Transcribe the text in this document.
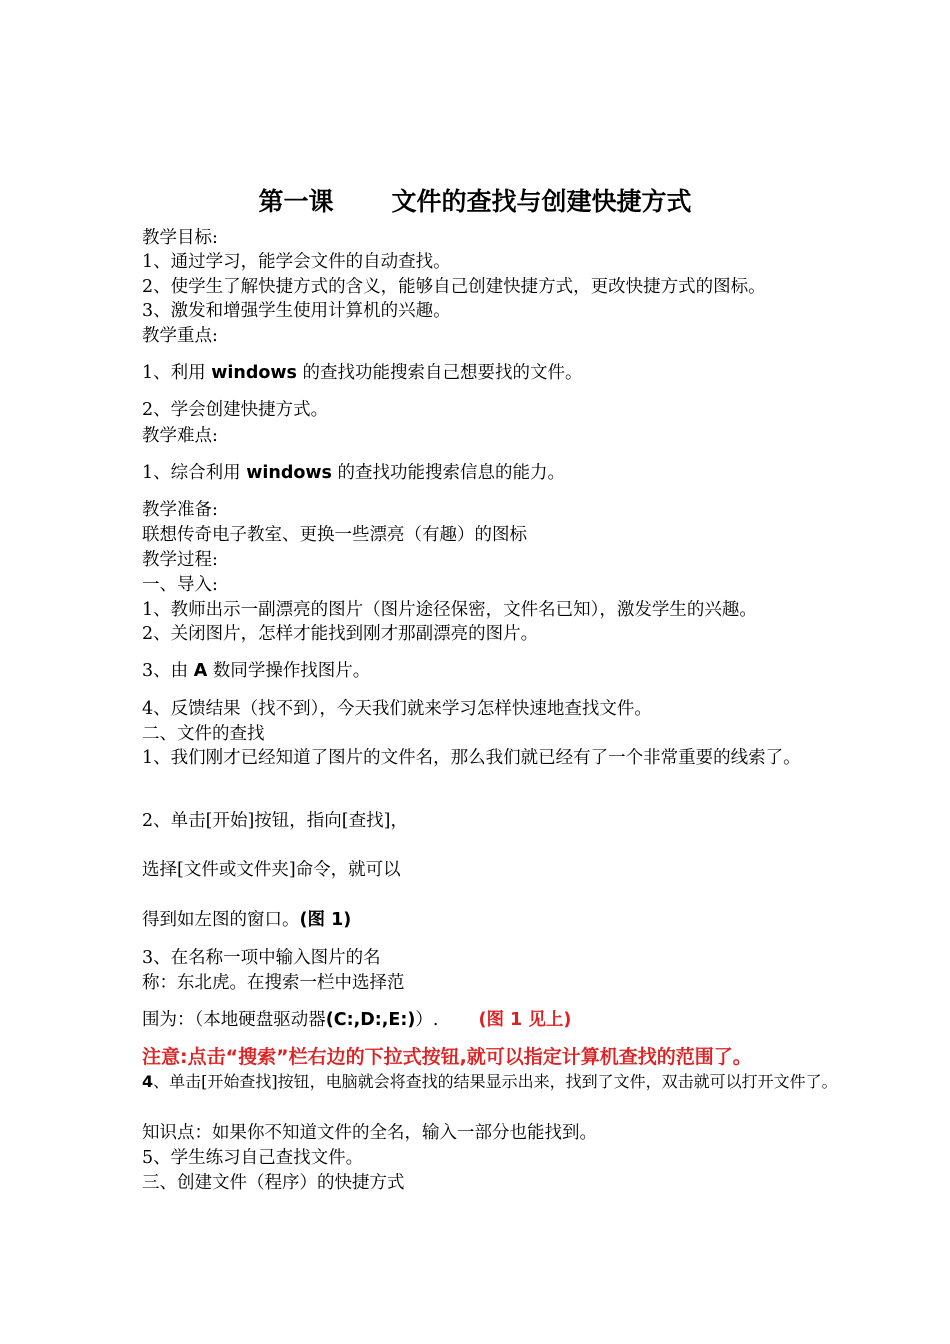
第一课 文件的查找与创建快捷方式
教学目标:
1、通过学习，能学会文件的自动查找。
2、使学生了解快捷方式的含义，能够自己创建快捷方式，更改快捷方式的图标。
3、激发和增强学生使用计算机的兴趣。
教学重点:
1、利用 windows 的查找功能搜索自己想要找的文件。
2、学会创建快捷方式。
教学难点:
1、综合利用 windows 的查找功能搜索信息的能力。
教学准备:
联想传奇电子教室、更换一些漂亮（有趣）的图标
教学过程:
一、导入:
1、教师出示一副漂亮的图片（图片途径保密，文件名已知），激发学生的兴趣。
2、关闭图片，怎样才能找到刚才那副漂亮的图片。
3、由 A 数同学操作找图片。
4、反馈结果（找不到），今天我们就来学习怎样快速地查找文件。
二、文件的查找
1、我们刚才已经知道了图片的文件名，那么我们就已经有了一个非常重要的线索了。
2、单击[开始]按钮，指向[查找]，
选择[文件或文件夹]命令，就可以
得到如左图的窗口。(图 1)
3、在名称一项中输入图片的名
称：东北虎。在搜索一栏中选择范
围为：（本地硬盘驱动器(C:,D:,E:)）. (图 1 见上)
注意:点击“搜索”栏右边的下拉式按钮,就可以指定计算机查找的范围了。
4、单击[开始查找]按钮，电脑就会将查找的结果显示出来，找到了文件，双击就可以打开文件了。
知识点：如果你不知道文件的全名，输入一部分也能找到。
5、学生练习自己查找文件。
三、创建文件（程序）的快捷方式
